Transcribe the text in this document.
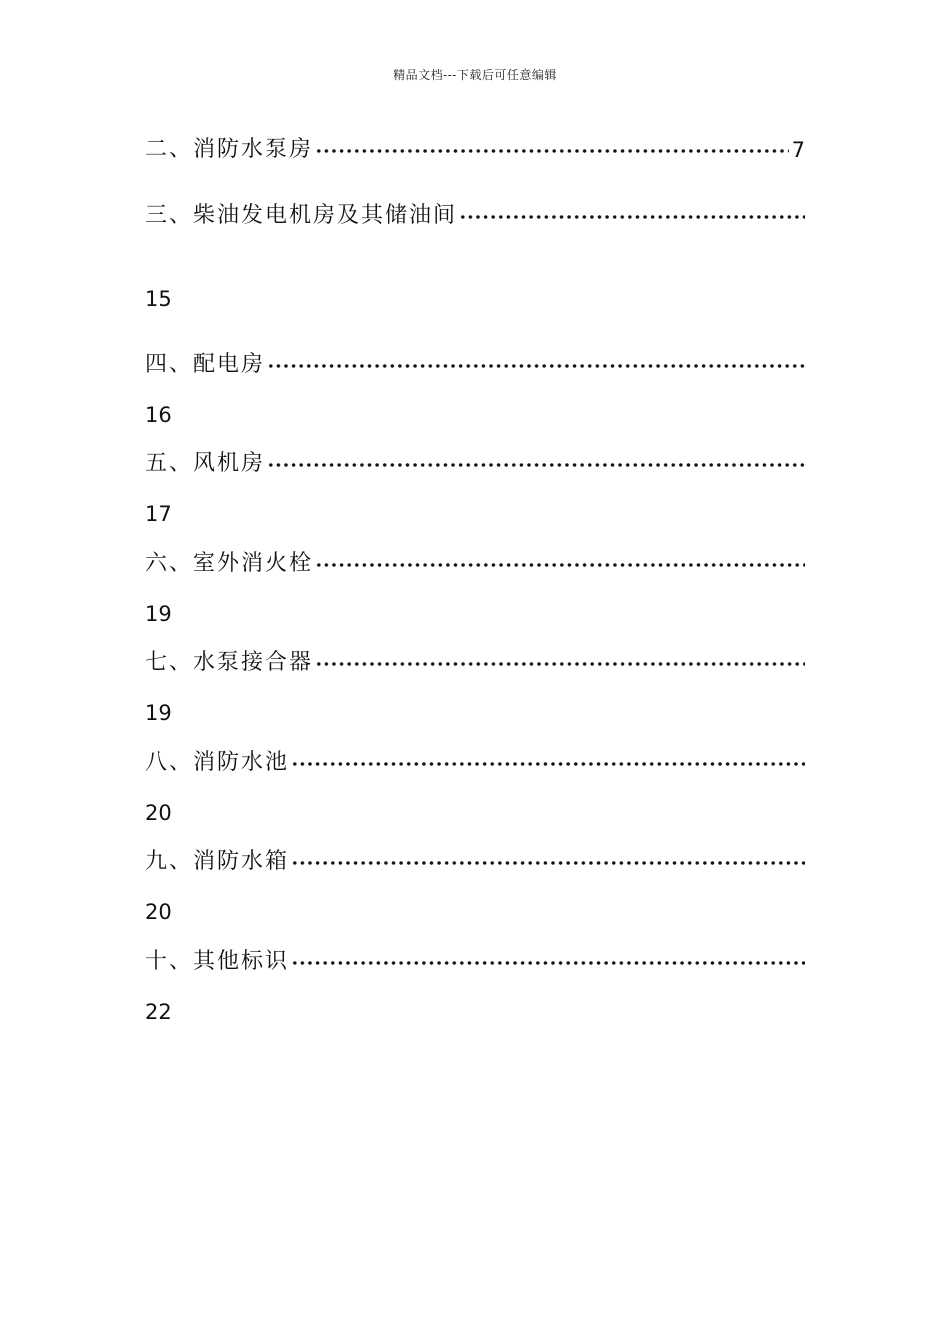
精品文档---下载后可任意编辑
二、消防水泵房	7
三、柴油发电机房及其储油间
15
四、配电房
16
五、风机房
17
六、室外消火栓
19
七、水泵接合器
19
八、消防水池
20
九、消防水箱
20
十、其他标识
22
